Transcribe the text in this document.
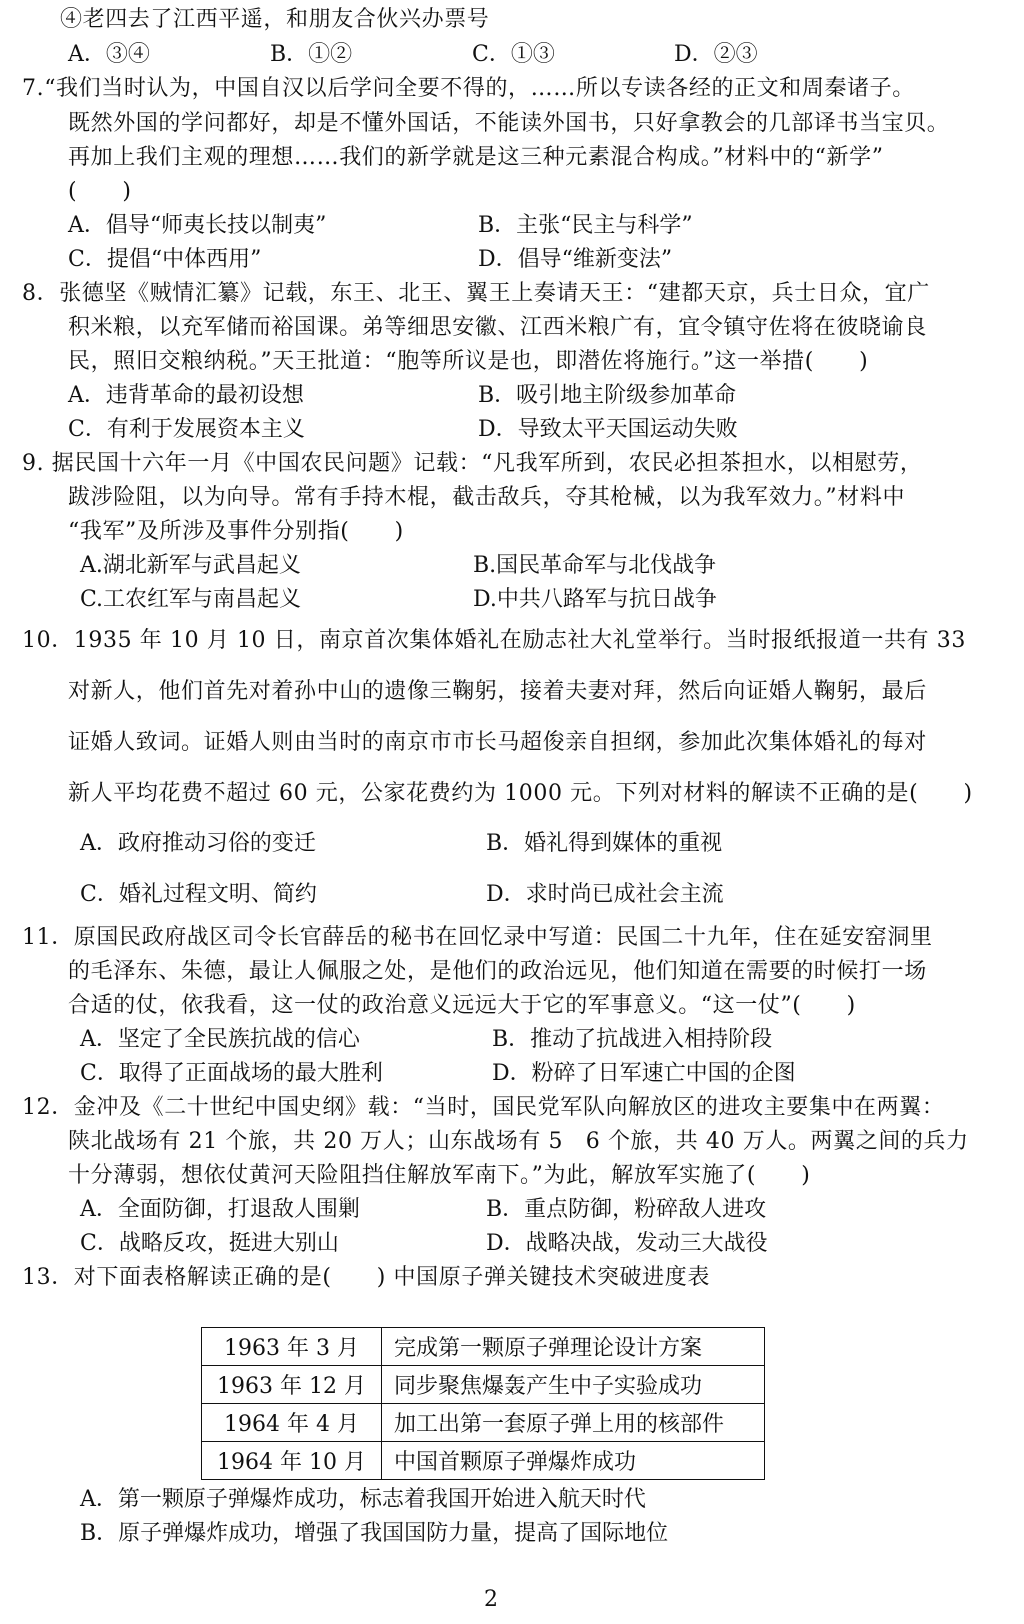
④老四去了江西平遥，和朋友合伙兴办票号
A．③④	B．①②	C．①③	D．②③
7.“我们当时认为，中国自汉以后学问全要不得的，……所以专读各经的正文和周秦诸子。
既然外国的学问都好，却是不懂外国话，不能读外国书，只好拿教会的几部译书当宝贝。
再加上我们主观的理想……我们的新学就是这三种元素混合构成。”材料中的“新学”
(　　)
A．倡导“师夷长技以制夷”	B．主张“民主与科学”
C．提倡“中体西用”	D．倡导“维新变法”
8．张德坚《贼情汇纂》记载，东王、北王、翼王上奏请天王：“建都天京，兵士日众，宜广
积米粮，以充军储而裕国课。弟等细思安徽、江西米粮广有，宜令镇守佐将在彼晓谕良
民，照旧交粮纳税。”天王批道：“胞等所议是也，即潜佐将施行。”这一举措(　　)
A．违背革命的最初设想	B．吸引地主阶级参加革命
C．有利于发展资本主义	D．导致太平天国运动失败
9. 据民国十六年一月《中国农民问题》记载：“凡我军所到，农民必担茶担水，以相慰劳，
跋涉险阻，以为向导。常有手持木棍，截击敌兵，夺其枪械，以为我军效力。”材料中
“我军”及所涉及事件分别指(　　)
A.湖北新军与武昌起义	B.国民革命军与北伐战争
C.工农红军与南昌起义	D.中共八路军与抗日战争
10．1935 年 10 月 10 日，南京首次集体婚礼在励志社大礼堂举行。当时报纸报道一共有 33
对新人，他们首先对着孙中山的遗像三鞠躬，接着夫妻对拜，然后向证婚人鞠躬，最后
证婚人致词。证婚人则由当时的南京市市长马超俊亲自担纲，参加此次集体婚礼的每对
新人平均花费不超过 60 元，公家花费约为 1000 元。下列对材料的解读不正确的是(　　)
A．政府推动习俗的变迁	B．婚礼得到媒体的重视
C．婚礼过程文明、简约	D．求时尚已成社会主流
11．原国民政府战区司令长官薛岳的秘书在回忆录中写道：民国二十九年，住在延安窑洞里
的毛泽东、朱德，最让人佩服之处，是他们的政治远见，他们知道在需要的时候打一场
合适的仗，依我看，这一仗的政治意义远远大于它的军事意义。“这一仗”(　　)
A．坚定了全民族抗战的信心	B．推动了抗战进入相持阶段
C．取得了正面战场的最大胜利	D．粉碎了日军速亡中国的企图
12．金冲及《二十世纪中国史纲》载：“当时，国民党军队向解放区的进攻主要集中在两翼：
陕北战场有 21 个旅，共 20 万人；山东战场有 5　6 个旅，共 40 万人。两翼之间的兵力
十分薄弱，想依仗黄河天险阻挡住解放军南下。”为此，解放军实施了(　　)
A．全面防御，打退敌人围剿	B．重点防御，粉碎敌人进攻
C．战略反攻，挺进大别山	D．战略决战，发动三大战役
13．对下面表格解读正确的是(　　) 中国原子弹关键技术突破进度表
1963 年 3 月	完成第一颗原子弹理论设计方案
1963 年 12 月	同步聚焦爆轰产生中子实验成功
1964 年 4 月	加工出第一套原子弹上用的核部件
1964 年 10 月	中国首颗原子弹爆炸成功
A．第一颗原子弹爆炸成功，标志着我国开始进入航天时代
B．原子弹爆炸成功，增强了我国国防力量，提高了国际地位
2
